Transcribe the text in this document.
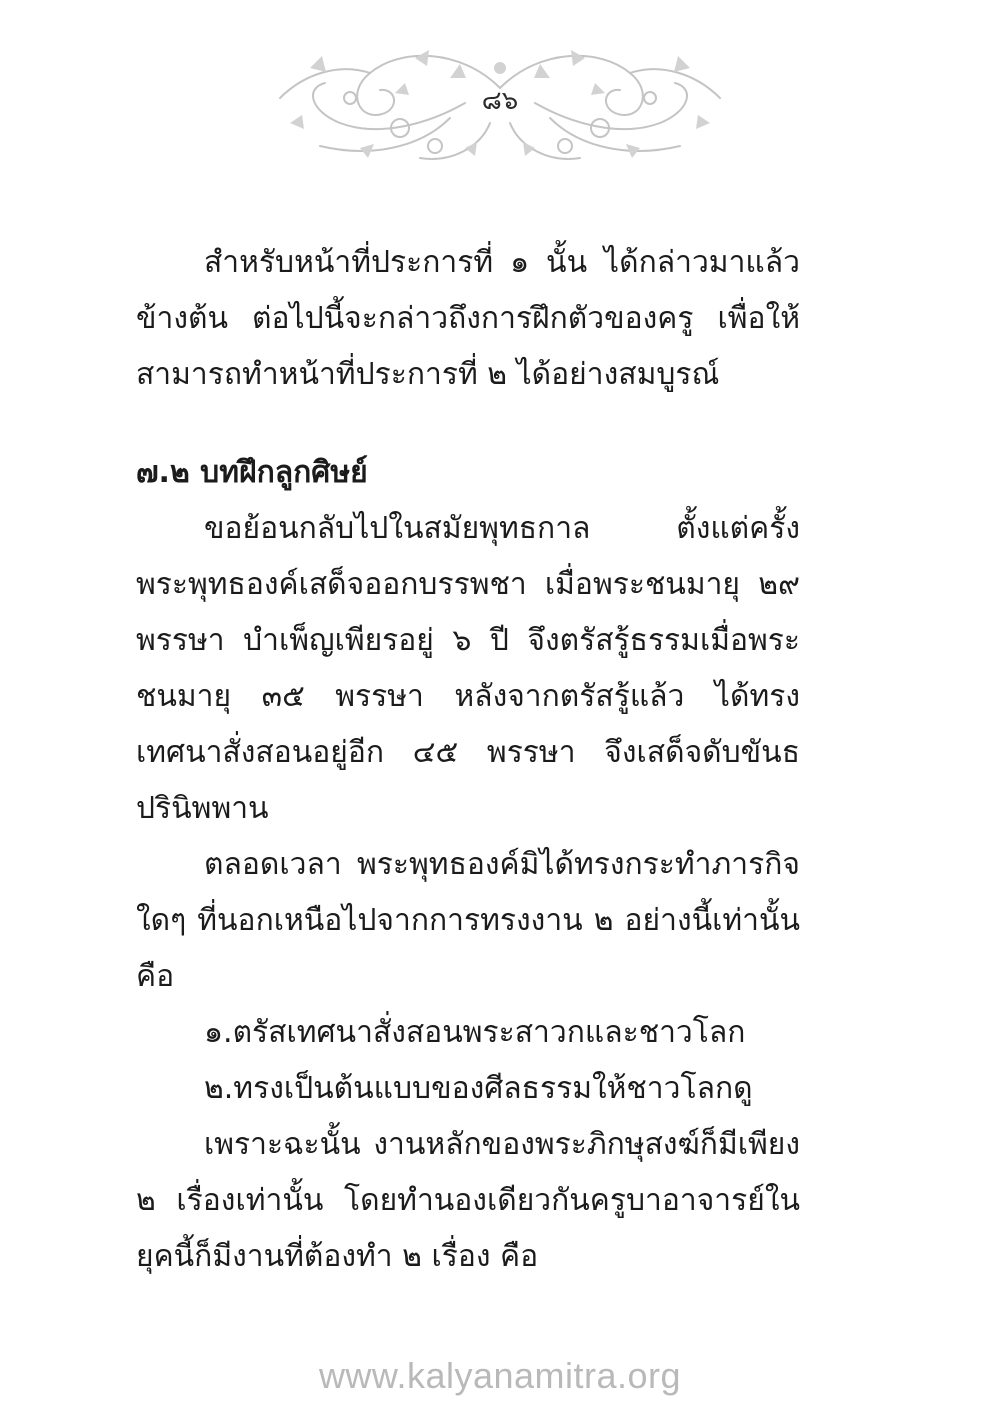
๘๖

สำหรับหน้าที่ประการที่ ๑ นั้น ได้กล่าวมาแล้วข้างต้น ต่อไปนี้จะกล่าวถึงการฝึกตัวของครู เพื่อให้สามารถทำหน้าที่ประการที่ ๒ ได้อย่างสมบูรณ์

๗.๒ บทฝึกลูกศิษย์

ขอย้อนกลับไปในสมัยพุทธกาล ตั้งแต่ครั้งพระพุทธองค์เสด็จออกบรรพชา เมื่อพระชนมายุ ๒๙ พรรษา บำเพ็ญเพียรอยู่ ๖ ปี จึงตรัสรู้ธรรมเมื่อพระชนมายุ ๓๕ พรรษา หลังจากตรัสรู้แล้ว ได้ทรงเทศนาสั่งสอนอยู่อีก ๔๕ พรรษา จึงเสด็จดับขันธปรินิพพาน

ตลอดเวลา พระพุทธองค์มิได้ทรงกระทำภารกิจใดๆ ที่นอกเหนือไปจากการทรงงาน ๒ อย่างนี้เท่านั้น คือ

๑.ตรัสเทศนาสั่งสอนพระสาวกและชาวโลก

๒.ทรงเป็นต้นแบบของศีลธรรมให้ชาวโลกดู

เพราะฉะนั้น งานหลักของพระภิกษุสงฆ์ก็มีเพียง ๒ เรื่องเท่านั้น โดยทำนองเดียวกันครูบาอาจารย์ในยุคนี้ก็มีงานที่ต้องทำ ๒ เรื่อง คือ

www.kalyanamitra.org
